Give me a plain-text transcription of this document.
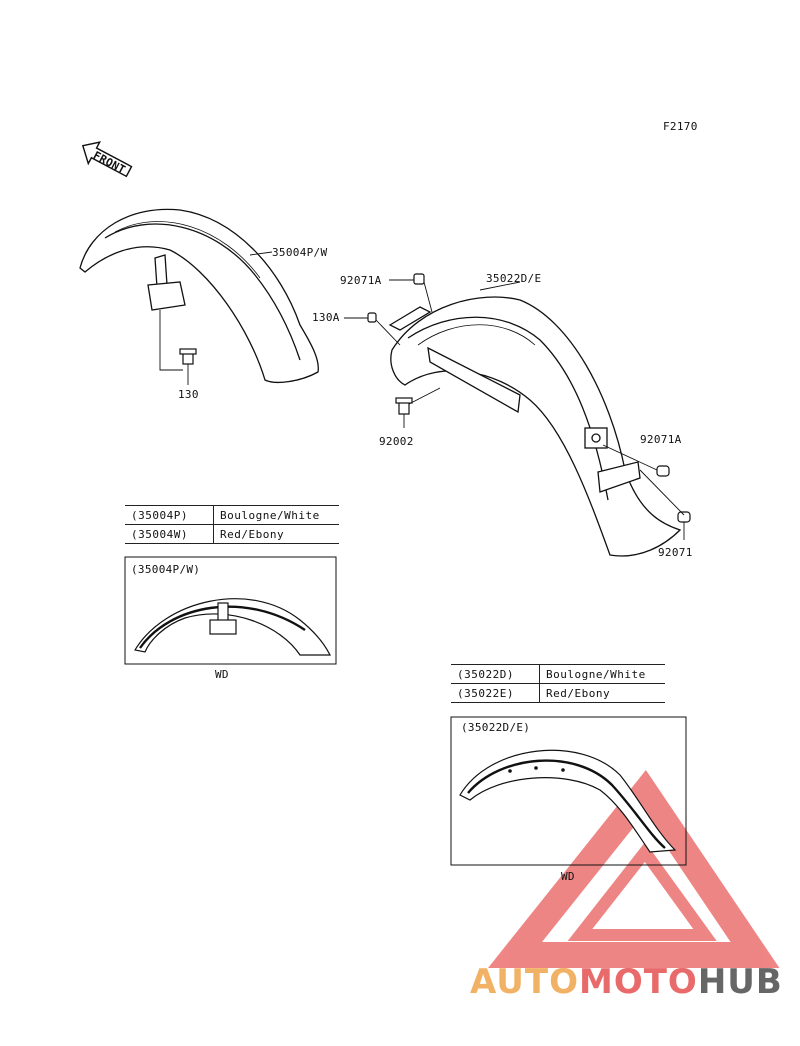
F2170
FRONT
35004P/W
130
92071A
130A
35022D/E
92002	92071A
92071
(35004P/W)
WD
(35022D/E)
WD
(35004P)	Boulogne/White
(35004W)	Red/Ebony
(35022D)	Boulogne/White
(35022E)	Red/Ebony
AUTOMOTOHUB
